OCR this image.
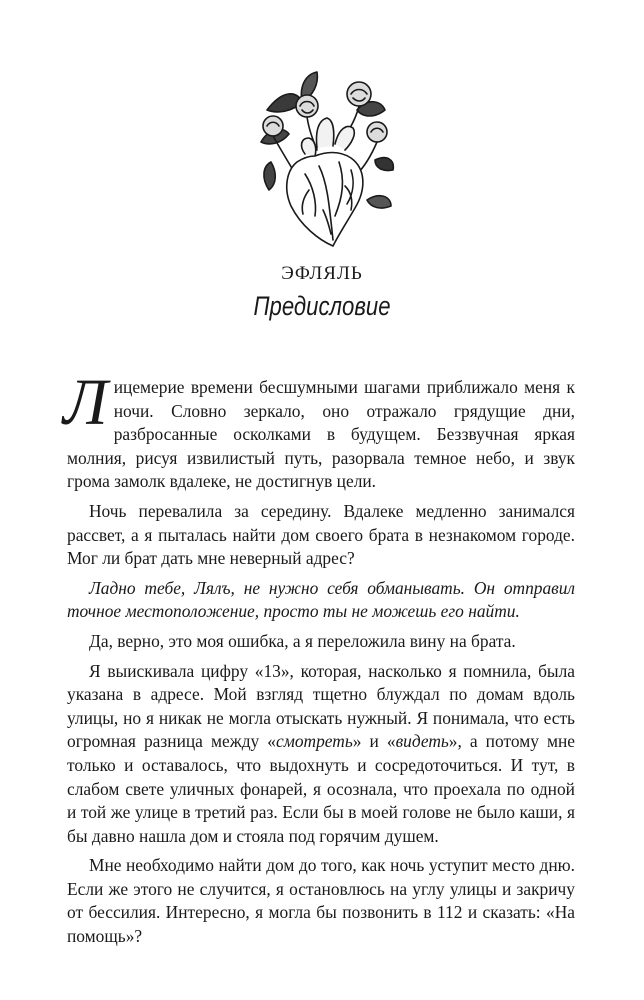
ЭФЛЯЛЬ
Предисловие

Лицемерие времени бесшумными шагами приближало меня к ночи. Словно зеркало, оно отражало грядущие дни, разбросанные осколками в будущем. Беззвучная яркая молния, рисуя извилистый путь, разорвала темное небо, и звук грома замолк вдалеке, не достигнув цели.

Ночь перевалила за середину. Вдалеке медленно занимался рассвет, а я пыталась найти дом своего брата в незнакомом городе. Мог ли брат дать мне неверный адрес?

Ладно тебе, Лялъ, не нужно себя обманывать. Он отправил точное местоположение, просто ты не можешь его найти.

Да, верно, это моя ошибка, а я переложила вину на брата.

Я выискивала цифру «13», которая, насколько я помнила, была указана в адресе. Мой взгляд тщетно блуждал по домам вдоль улицы, но я никак не могла отыскать нужный. Я понимала, что есть огромная разница между «смотреть» и «видеть», а потому мне только и оставалось, что выдохнуть и сосредоточиться. И тут, в слабом свете уличных фонарей, я осознала, что проехала по одной и той же улице в третий раз. Если бы в моей голове не было каши, я бы давно нашла дом и стояла под горячим душем.

Мне необходимо найти дом до того, как ночь уступит место дню. Если же этого не случится, я остановлюсь на углу улицы и закричу от бессилия. Интересно, я могла бы позвонить в 112 и сказать: «На помощь»?
